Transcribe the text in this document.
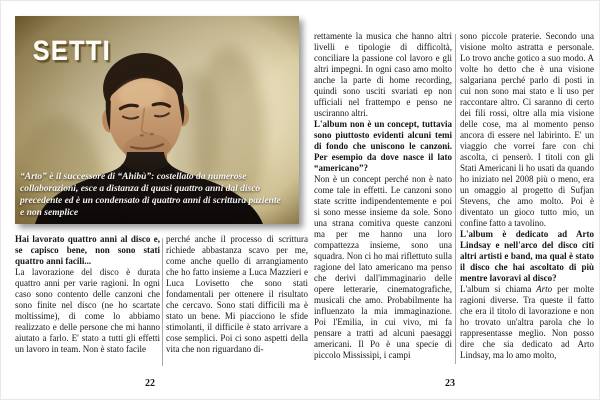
SETTI
“Arto” è il successore di “Ahibù”: costellato da numerose collaborazioni, esce a distanza di quasi quattro anni dal disco precedente ed è un condensato di quattro anni di scrittura paziente e non semplice

Hai lavorato quattro anni al disco e, se capisco bene, non sono stati quattro anni facili...

La lavorazione del disco è durata quattro anni per varie ragioni. In ogni caso sono contento delle canzoni che sono finite nel disco (ne ho scartate moltissime), di come lo abbiamo realizzato e delle persone che mi hanno aiutato a farlo. E' stato a tutti gli effetti un lavoro in team. Non è stato facile

perché anche il processo di scrittura richiede abbastanza scavo per me, come anche quello di arrangiamento che ho fatto insieme a Luca Mazzieri e Luca Lovisetto che sono stati fondamentali per ottenere il risultato che cercavo. Sono stati difficili ma è stato un bene. Mi piacciono le sfide stimolanti, il difficile è stato arrivare a cose semplici. Poi ci sono aspetti della vita che non riguardano di-

22

rettamente la musica che hanno altri livelli e tipologie di difficoltà, conciliare la passione col lavoro e gli altri impegni. In ogni caso amo molto anche la parte di home recording, quindi sono usciti svariati ep non ufficiali nel frattempo e penso ne usciranno altri.

L'album non è un concept, tuttavia sono piuttosto evidenti alcuni temi di fondo che uniscono le canzoni. Per esempio da dove nasce il lato “americano”?

Non è un concept perché non è nato come tale in effetti. Le canzoni sono state scritte indipendentemente e poi si sono messe insieme da sole. Sono una strana comitiva queste canzoni ma per me hanno una loro compattezza insieme, sono una squadra. Non ci ho mai riflettuto sulla ragione del lato americano ma penso che derivi dall'immaginario delle opere letterarie, cinematografiche, musicali che amo. Probabilmente ha influenzato la mia immaginazione. Poi l'Emilia, in cui vivo, mi fa pensare a tratti ad alcuni paesaggi americani. Il Po è una specie di piccolo Mississipi, i campi

sono piccole praterie. Secondo una visione molto astratta e personale. Lo trovo anche gotico a suo modo. A volte ho detto che è una visione salgariana perché parlo di posti in cui non sono mai stato e li uso per raccontare altro. Ci saranno di certo dei fili rossi, oltre alla mia visione delle cose, ma al momento penso ancora di essere nel labirinto. E' un viaggio che vorrei fare con chi ascolta, ci penserò. I titoli con gli Stati Americani li ho usati da quando ho iniziato nel 2008 più o meno, era un omaggio al progetto di Sufjan Stevens, che amo molto. Poi è diventato un gioco tutto mio, un confine fatto a tavolino.

L'album è dedicato ad Arto Lindsay e nell'arco del disco citi altri artisti e band, ma qual è stato il disco che hai ascoltato di più mentre lavoravi al disco?

L'album si chiama Arto per molte ragioni diverse. Tra queste il fatto che era il titolo di lavorazione e non ho trovato un'altra parola che lo rappresentasse meglio. Non posso dire che sia dedicato ad Arto Lindsay, ma lo amo molto,

23
